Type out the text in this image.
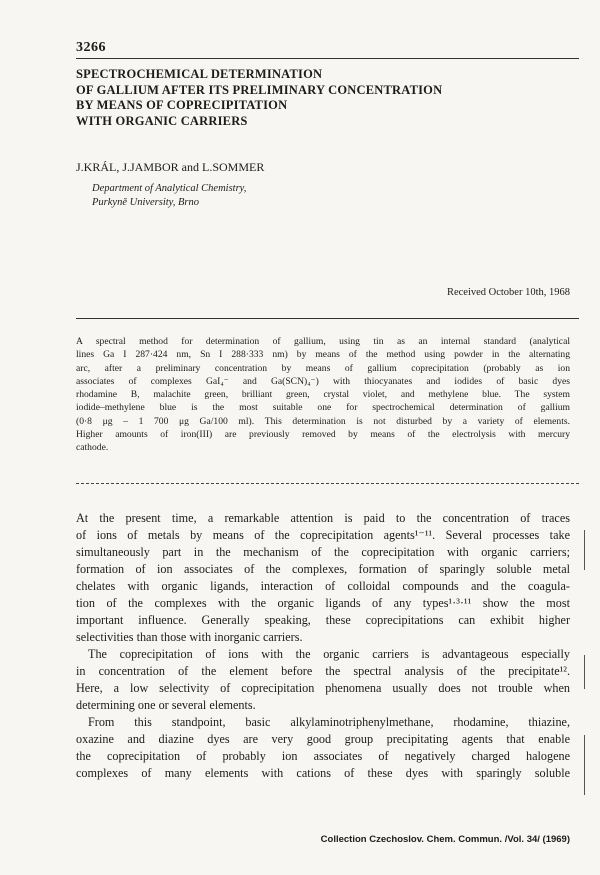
3266
SPECTROCHEMICAL DETERMINATION
OF GALLIUM AFTER ITS PRELIMINARY CONCENTRATION
BY MEANS OF COPRECIPITATION
WITH ORGANIC CARRIERS
J.KRÁL, J.JAMBOR and L.SOMMER
Department of Analytical Chemistry,
Purkyně University, Brno
Received October 10th, 1968
A spectral method for determination of gallium, using tin as an internal standard (analytical
lines Ga I 287·424 nm, Sn I 288·333 nm) by means of the method using powder in the alternating
arc, after a preliminary concentration by means of gallium coprecipitation (probably as ion
associates of complexes GaI₄⁻ and Ga(SCN)₄⁻) with thiocyanates and iodides of basic dyes
rhodamine B, malachite green, brilliant green, crystal violet, and methylene blue. The system
iodide–methylene blue is the most suitable one for spectrochemical determination of gallium
(0·8 μg – 1 700 μg Ga/100 ml). This determination is not disturbed by a variety of elements.
Higher amounts of iron(III) are previously removed by means of the electrolysis with mercury
cathode.
At the present time, a remarkable attention is paid to the concentration of traces
of ions of metals by means of the coprecipitation agents¹⁻¹¹. Several processes take
simultaneously part in the mechanism of the coprecipitation with organic carriers;
formation of ion associates of the complexes, formation of sparingly soluble metal
chelates with organic ligands, interaction of colloidal compounds and the coagula-
tion of the complexes with the organic ligands of any types¹·³·¹¹ show the most
important influence. Generally speaking, these coprecipitations can exhibit higher
selectivities than those with inorganic carriers.
The coprecipitation of ions with the organic carriers is advantageous especially
in concentration of the element before the spectral analysis of the precipitate¹².
Here, a low selectivity of coprecipitation phenomena usually does not trouble when
determining one or several elements.
From this standpoint, basic alkylaminotriphenylmethane, rhodamine, thiazine,
oxazine and diazine dyes are very good group precipitating agents that enable
the coprecipitation of probably ion associates of negatively charged halogene
complexes of many elements with cations of these dyes with sparingly soluble
Collection Czechoslov. Chem. Commun. /Vol. 34/ (1969)
